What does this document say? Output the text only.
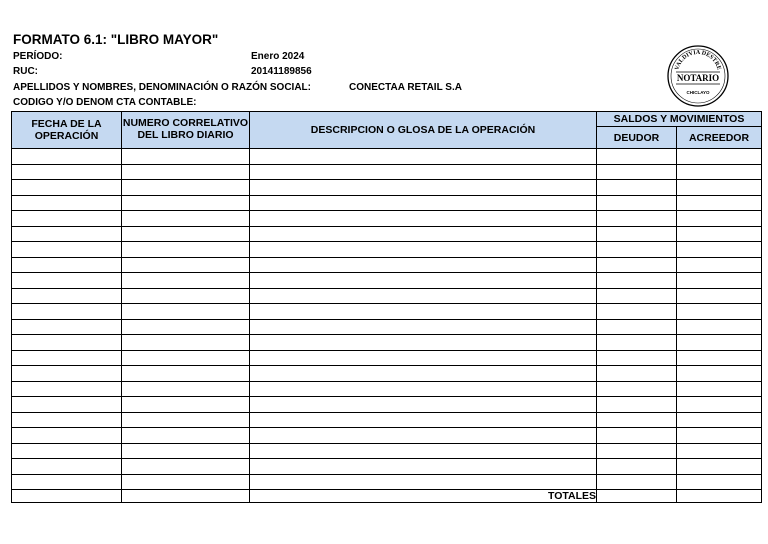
FORMATO 6.1: "LIBRO MAYOR"
PERÍODO:	Enero 2024
RUC:	20141189856
APELLIDOS Y NOMBRES, DENOMINACIÓN O RAZÓN SOCIAL:	CONECTAA RETAIL S.A
CODIGO Y/O DENOM CTA CONTABLE:
VALDIVIA DESTRE
NOTARIO
CHICLAYO
FECHA DE LA OPERACIÓN	NUMERO CORRELATIVO DEL LIBRO DIARIO	DESCRIPCION O GLOSA DE LA OPERACIÓN	SALDOS Y MOVIMIENTOS	
			DEUDOR	ACREEDOR

		TOTALES		
